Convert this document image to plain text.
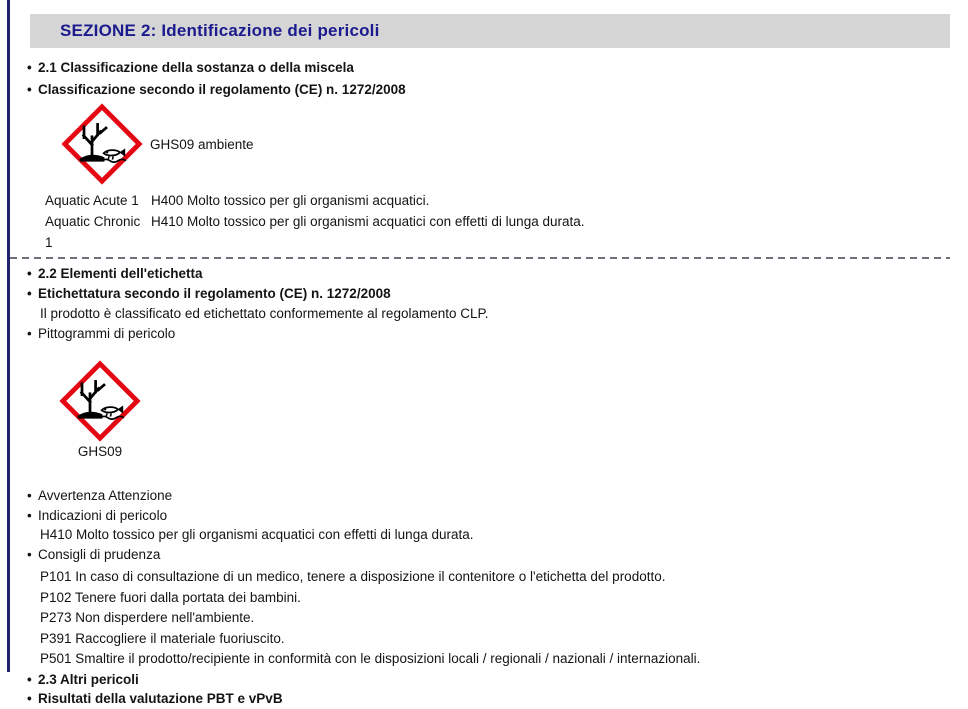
SEZIONE 2: Identificazione dei pericoli
• 2.1 Classificazione della sostanza o della miscela
• Classificazione secondo il regolamento (CE) n. 1272/2008
GHS09 ambiente
Aquatic Acute 1 H400 Molto tossico per gli organismi acquatici.
Aquatic Chronic 1
H410 Molto tossico per gli organismi acquatici con effetti di lunga durata.
• 2.2 Elementi dell'etichetta
• Etichettatura secondo il regolamento (CE) n. 1272/2008
Il prodotto è classificato ed etichettato conformemente al regolamento CLP.
• Pittogrammi di pericolo
GHS09
• Avvertenza Attenzione
• Indicazioni di pericolo
H410 Molto tossico per gli organismi acquatici con effetti di lunga durata.
• Consigli di prudenza
P101 In caso di consultazione di un medico, tenere a disposizione il contenitore o l'etichetta del prodotto.
P102 Tenere fuori dalla portata dei bambini.
P273 Non disperdere nell'ambiente.
P391 Raccogliere il materiale fuoriuscito.
P501 Smaltire il prodotto/recipiente in conformità con le disposizioni locali / regionali / nazionali / internazionali.
• 2.3 Altri pericoli
• Risultati della valutazione PBT e vPvB
